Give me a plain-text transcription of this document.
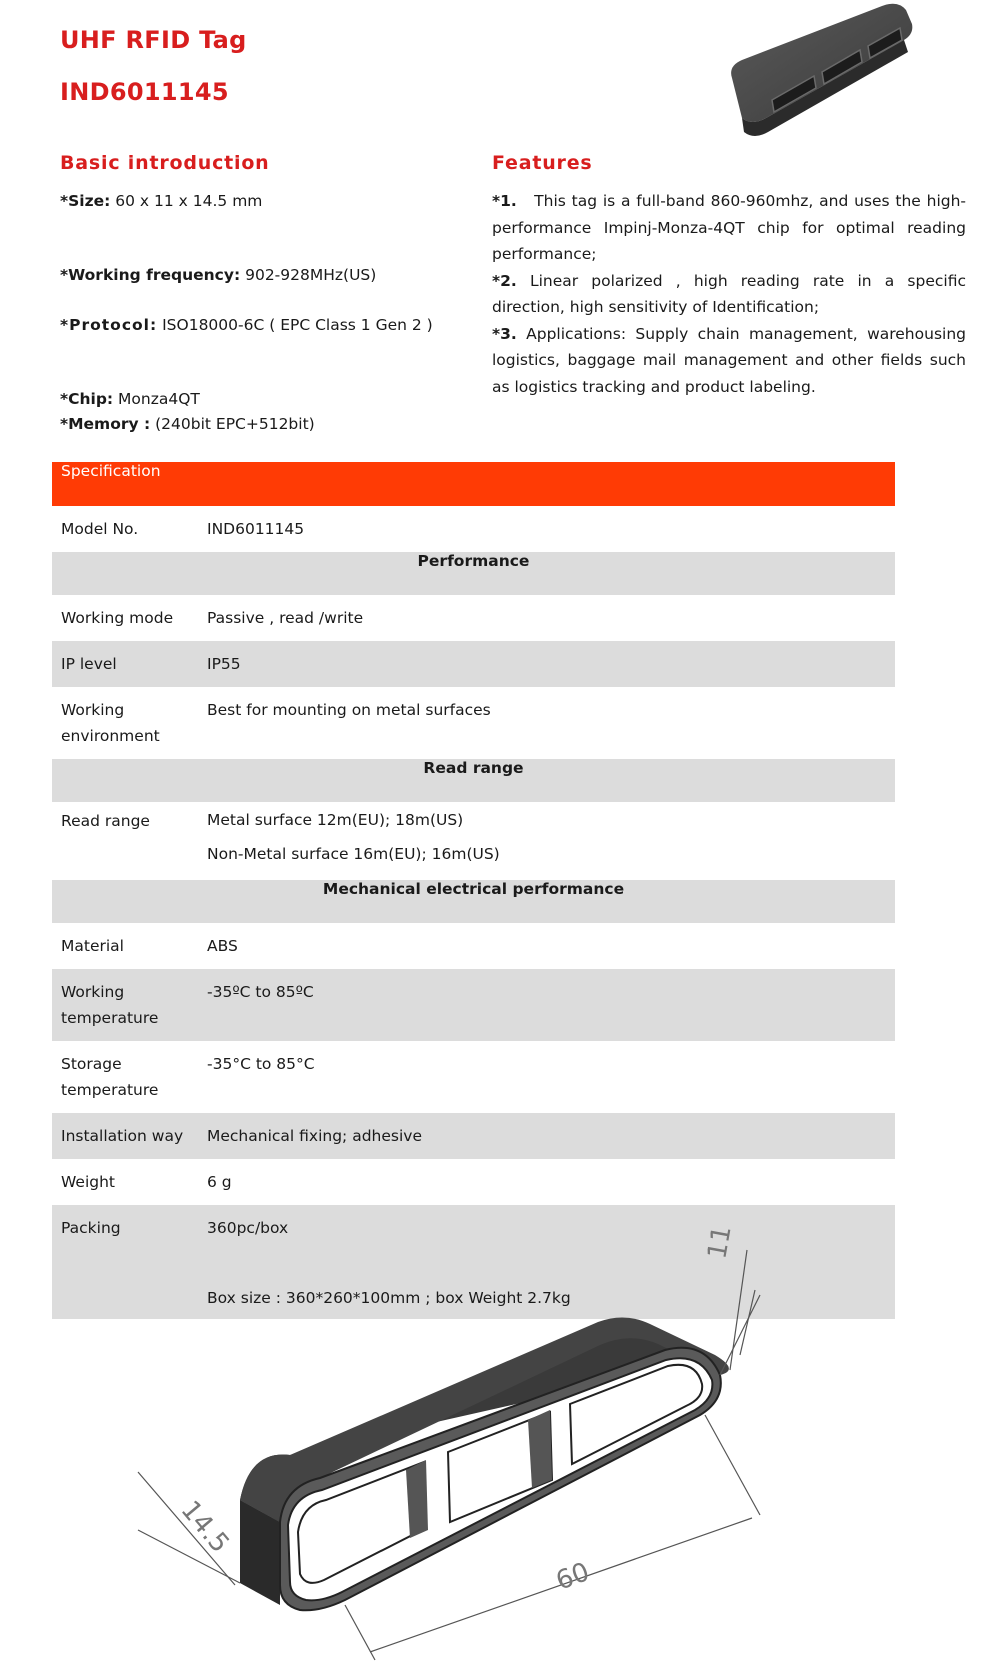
UHF RFID Tag
IND6011145
Basic introduction
*Size: 60 x 11 x 14.5 mm
*Working frequency: 902-928MHz(US)
*Protocol: ISO18000-6C ( EPC Class 1 Gen 2 )
*Chip: Monza4QT
*Memory : (240bit EPC+512bit)
Features
*1. This tag is a full-band 860-960mhz, and uses the high-performance Impinj-Monza-4QT chip for optimal reading performance;
*2. Linear polarized , high reading rate in a specific direction, high sensitivity of Identification;
*3. Applications: Supply chain management, warehousing logistics, baggage mail management and other fields such as logistics tracking and product labeling.
Specification	
Model No.	IND6011145
Performance	
Working mode	Passive , read /write
IP level	IP55
Working environment	Best for mounting on metal surfaces
Read range	
Read range	Metal surface 12m(EU); 18m(US)
Non-Metal surface 16m(EU); 16m(US)

Mechanical electrical performance	
Material	ABS
Working temperature	-35ºC to 85ºC
Storage temperature	-35°C to 85°C
Installation way	Mechanical fixing; adhesive
Weight	6 g
Packing	360pc/box
	Box size : 360*260*100mm ; box Weight 2.7kg
60
14.5
11
